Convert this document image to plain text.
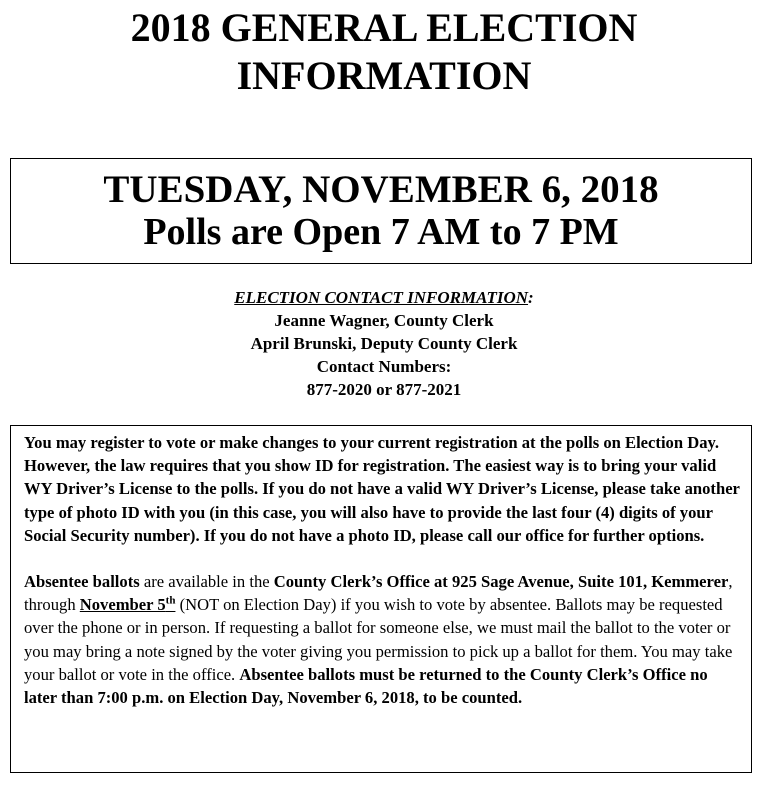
2018 GENERAL ELECTION
INFORMATION
TUESDAY, NOVEMBER 6, 2018
Polls are Open 7 AM to 7 PM
ELECTION CONTACT INFORMATION:
Jeanne Wagner, County Clerk
April Brunski, Deputy County Clerk
Contact Numbers:
877-2020 or 877-2021

You may register to vote or make changes to your current registration at the polls on Election Day. However, the law requires that you show ID for registration. The easiest way is to bring your valid WY Driver’s License to the polls. If you do not have a valid WY Driver’s License, please take another type of photo ID with you (in this case, you will also have to provide the last four (4) digits of your Social Security number). If you do not have a photo ID, please call our office for further options.

Absentee ballots are available in the County Clerk’s Office at 925 Sage Avenue, Suite 101, Kemmerer, through November 5th (NOT on Election Day) if you wish to vote by absentee. Ballots may be requested over the phone or in person. If requesting a ballot for someone else, we must mail the ballot to the voter or you may bring a note signed by the voter giving you permission to pick up a ballot for them. You may take your ballot or vote in the office. Absentee ballots must be returned to the County Clerk’s Office no later than 7:00 p.m. on Election Day, November 6, 2018, to be counted.
